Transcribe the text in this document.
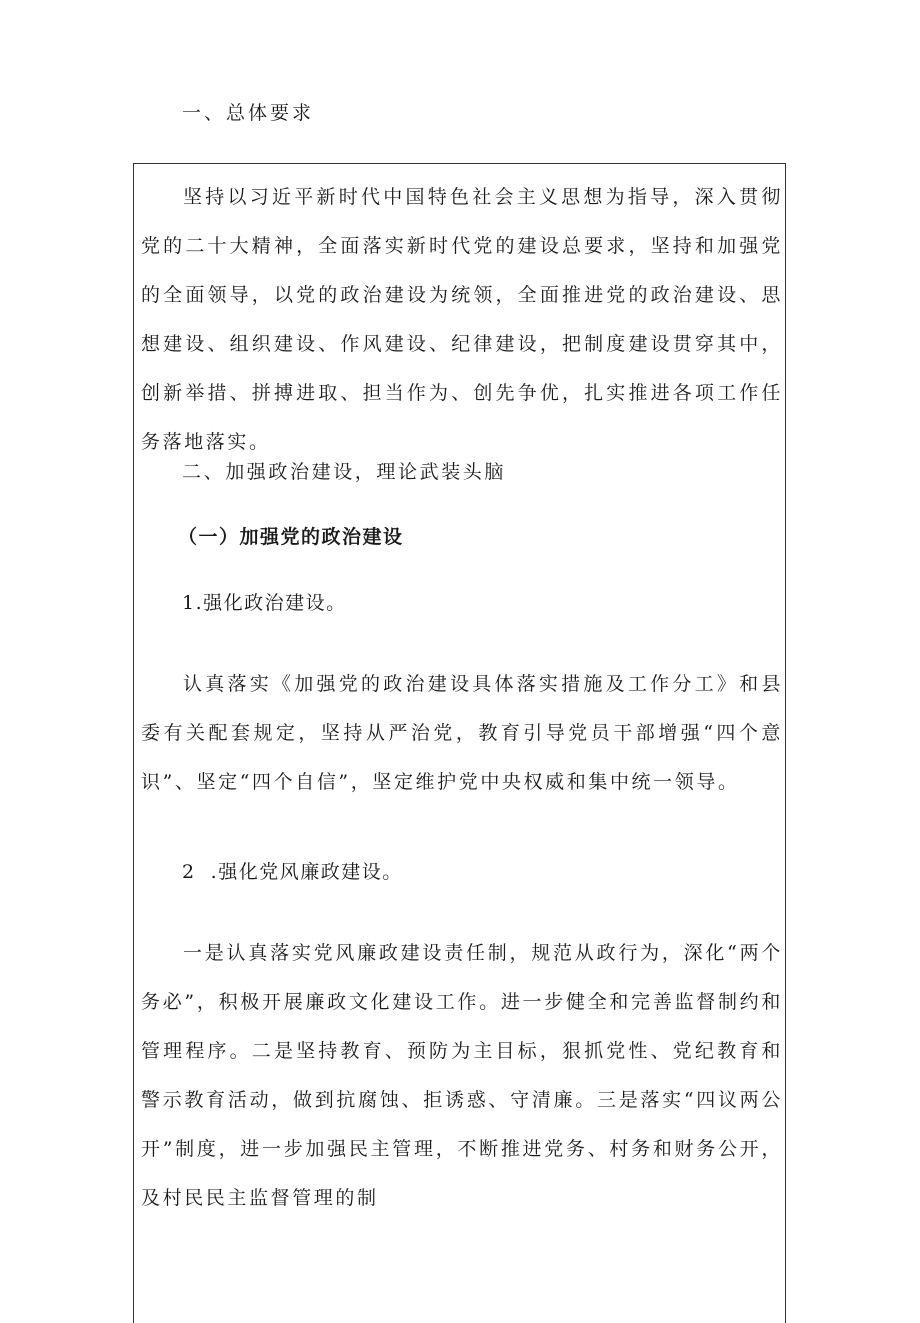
一、总体要求

坚持以习近平新时代中国特色社会主义思想为指导，深入贯彻党的二十大精神，全面落实新时代党的建设总要求，坚持和加强党的全面领导，以党的政治建设为统领，全面推进党的政治建设、思想建设、组织建设、作风建设、纪律建设，把制度建设贯穿其中，创新举措、拼搏进取、担当作为、创先争优，扎实推进各项工作任务落地落实。

二、加强政治建设，理论武装头脑
（一）加强党的政治建设
1.强化政治建设。

认真落实《加强党的政治建设具体落实措施及工作分工》和县委有关配套规定，坚持从严治党，教育引导党员干部增强“四个意识”、坚定“四个自信”，坚定维护党中央权威和集中统一领导。

2  .强化党风廉政建设。

一是认真落实党风廉政建设责任制，规范从政行为，深化“两个务必”，积极开展廉政文化建设工作。进一步健全和完善监督制约和管理程序。二是坚持教育、预防为主目标，狠抓党性、党纪教育和警示教育活动，做到抗腐蚀、拒诱惑、守清廉。三是落实“四议两公开”制度，进一步加强民主管理，不断推进党务、村务和财务公开，及村民民主监督管理的制
